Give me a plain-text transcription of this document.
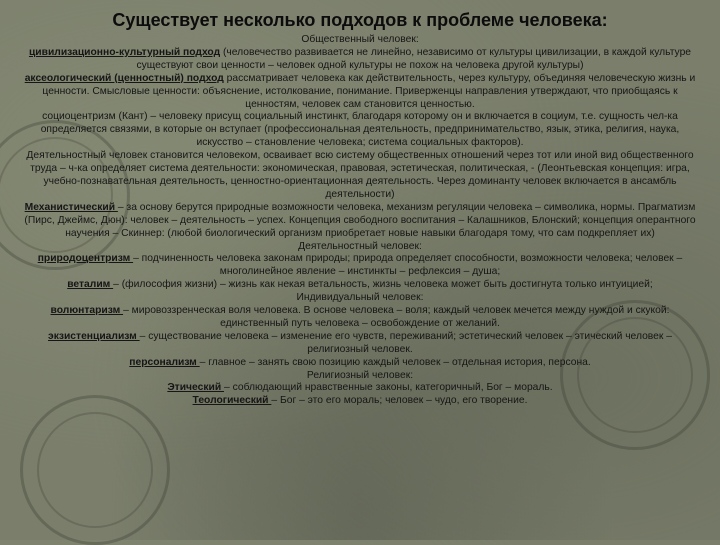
Существует несколько подходов к проблеме человека:

Общественный человек:

цивилизационно-культурный подход (человечество развивается не линейно, независимо от культуры цивилизации, в каждой культуре существуют свои ценности – человек одной культуры не похож на человека другой культуры)

аксеологический (ценностный) подход рассматривает человека как действительность, через культуру, объединяя человеческую жизнь и ценности. Смысловые ценности: объяснение, истолкование, понимание. Приверженцы направления утверждают, что приобщаясь к ценностям, человек сам становится ценностью.

социоцентризм (Кант) – человеку присущ социальный инстинкт, благодаря которому он и включается в социум, т.е. сущность чел-ка определяется связями, в которые он вступает (профессиональная деятельность, предпринимательство, язык, этика, религия, наука, искусство – становление человека; система социальных факторов).

Деятельностный человек становится человеком, осваивает всю систему общественных отношений через тот или иной вид общественного труда – ч-ка определяет система деятельности: экономическая, правовая, эстетическая, политическая, - (Леонтьевская концепция: игра, учебно-познавательная деятельность, ценностно-ориентационная деятельность. Через доминанту человек включается в ансамбль деятельности)

Механистический – за основу берутся природные возможности человека, механизм регуляции человека – символика, нормы. Прагматизм (Пирс, Джеймс, Дюн): человек – деятельность – успех. Концепция свободного воспитания – Калашников, Блонский; концепция оперантного научения – Скиннер: (любой биологический организм приобретает новые навыки благодаря тому, что сам подкрепляет их)

Деятельностный человек:

природоцентризм – подчиненность человека законам природы; природа определяет способности, возможности человека; человек – многолинейное явление – инстинкты – рефлексия – душа;

веталим – (философия жизни) – жизнь как некая ветальность, жизнь человека может быть достигнута только интуицией;

Индивидуальный человек:

волюнтаризм – мировоззренческая воля человека. В основе человека – воля; каждый человек мечется между нуждой и скукой: единственный путь человека – освобождение от желаний.

экзистенциализм – существование человека – изменение его чувств, переживаний; эстетический человек – этический человек – религиозный человек.

персонализм – главное – занять свою позицию каждый человек – отдельная история, персона.

Религиозный человек:

Этический – соблюдающий нравственные законы, категоричный, Бог – мораль.

Теологический – Бог – это его мораль; человек – чудо, его творение.
